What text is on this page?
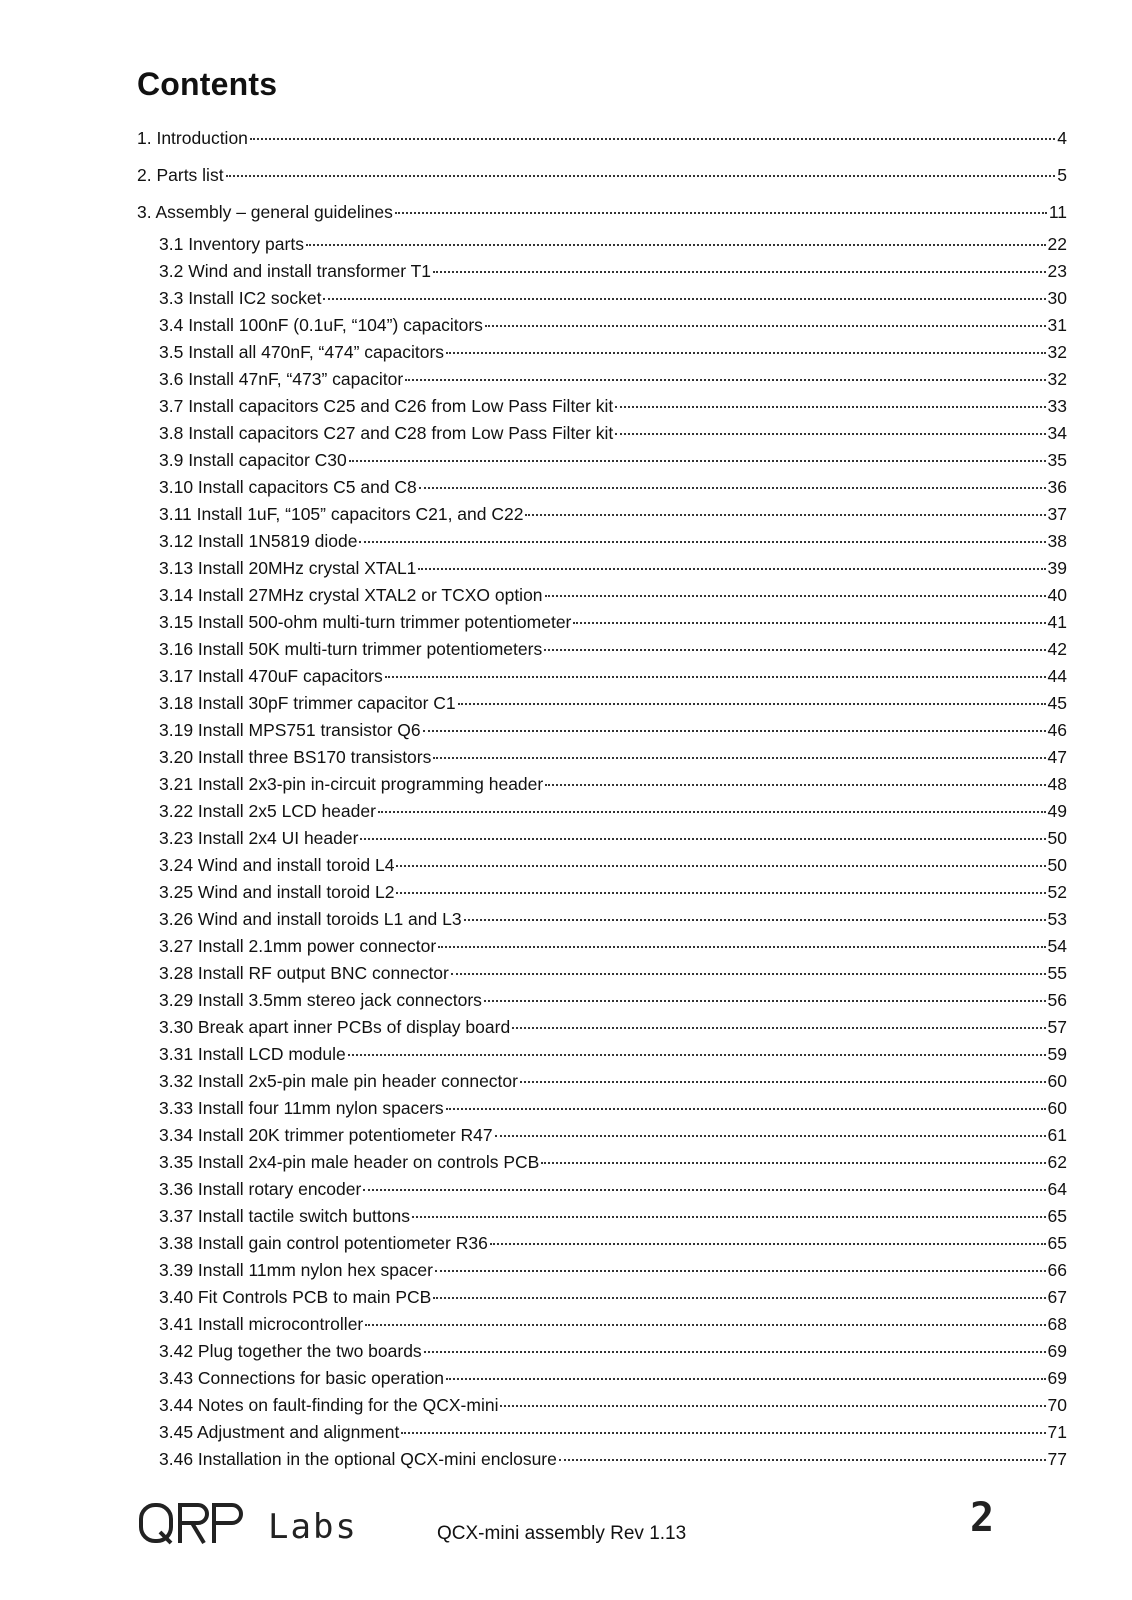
Contents
1. Introduction	4
2. Parts list	5
3. Assembly – general guidelines	11
3.1 Inventory parts	22
3.2 Wind and install transformer T1	23
3.3 Install IC2 socket	30
3.4 Install 100nF (0.1uF, “104”) capacitors	31
3.5 Install all 470nF, “474” capacitors	32
3.6 Install 47nF, “473” capacitor	32
3.7 Install capacitors C25 and C26 from Low Pass Filter kit	33
3.8 Install capacitors C27 and C28 from Low Pass Filter kit	34
3.9 Install capacitor C30	35
3.10 Install capacitors C5 and C8	36
3.11 Install 1uF, “105” capacitors C21, and C22	37
3.12 Install 1N5819 diode	38
3.13 Install 20MHz crystal XTAL1	39
3.14 Install 27MHz crystal XTAL2 or TCXO option	40
3.15 Install 500-ohm multi-turn trimmer potentiometer	41
3.16 Install 50K multi-turn trimmer potentiometers	42
3.17 Install 470uF capacitors	44
3.18 Install 30pF trimmer capacitor C1	45
3.19 Install MPS751 transistor Q6	46
3.20 Install three BS170 transistors	47
3.21 Install 2x3-pin in-circuit programming header	48
3.22 Install 2x5 LCD header	49
3.23 Install 2x4 UI header	50
3.24 Wind and install toroid L4	50
3.25 Wind and install toroid L2	52
3.26 Wind and install toroids L1 and L3	53
3.27 Install 2.1mm power connector	54
3.28 Install RF output BNC connector	55
3.29 Install 3.5mm stereo jack connectors	56
3.30 Break apart inner PCBs of display board	57
3.31 Install LCD module	59
3.32 Install 2x5-pin male pin header connector	60
3.33 Install four 11mm nylon spacers	60
3.34 Install 20K trimmer potentiometer R47	61
3.35 Install 2x4-pin male header on controls PCB	62
3.36 Install rotary encoder	64
3.37 Install tactile switch buttons	65
3.38 Install gain control potentiometer R36	65
3.39 Install 11mm nylon hex spacer	66
3.40 Fit Controls PCB to main PCB	67
3.41 Install microcontroller	68
3.42 Plug together the two boards	69
3.43 Connections for basic operation	69
3.44 Notes on fault-finding for the QCX-mini	70
3.45 Adjustment and alignment	71
3.46 Installation in the optional QCX-mini enclosure	77
Labs	QCX-mini assembly Rev 1.13	2
